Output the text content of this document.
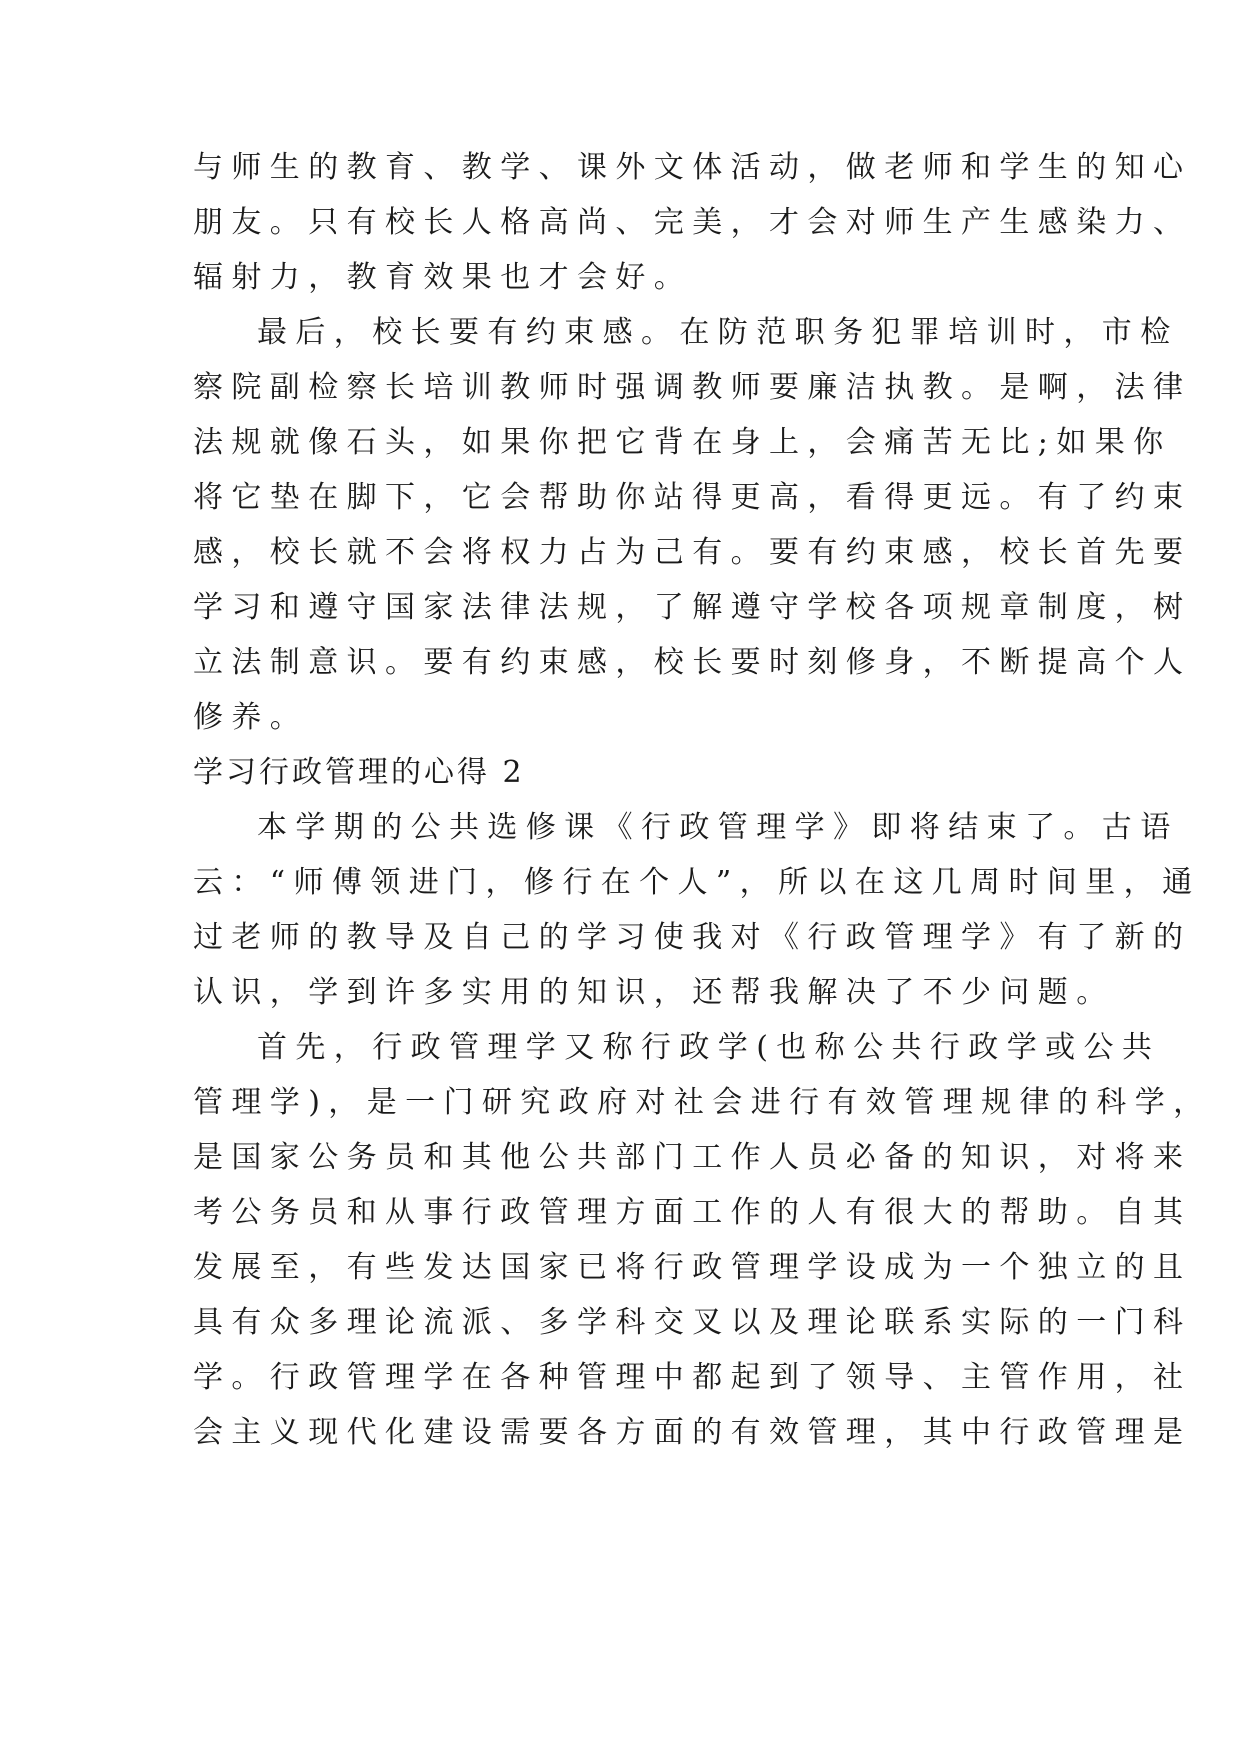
与师生的教育、教学、课外文体活动，做老师和学生的知心
朋友。只有校长人格高尚、完美，才会对师生产生感染力、
辐射力，教育效果也才会好。
最后，校长要有约束感。在防范职务犯罪培训时，市检
察院副检察长培训教师时强调教师要廉洁执教。是啊，法律
法规就像石头，如果你把它背在身上，会痛苦无比;如果你
将它垫在脚下，它会帮助你站得更高，看得更远。有了约束
感，校长就不会将权力占为己有。要有约束感，校长首先要
学习和遵守国家法律法规，了解遵守学校各项规章制度，树
立法制意识。要有约束感，校长要时刻修身，不断提高个人
修养。
学习行政管理的心得 2
本学期的公共选修课《行政管理学》即将结束了。古语
云：“师傅领进门，修行在个人”，所以在这几周时间里，通
过老师的教导及自己的学习使我对《行政管理学》有了新的
认识，学到许多实用的知识，还帮我解决了不少问题。
首先，行政管理学又称行政学(也称公共行政学或公共
管理学)，是一门研究政府对社会进行有效管理规律的科学，
是国家公务员和其他公共部门工作人员必备的知识，对将来
考公务员和从事行政管理方面工作的人有很大的帮助。自其
发展至，有些发达国家已将行政管理学设成为一个独立的且
具有众多理论流派、多学科交叉以及理论联系实际的一门科
学。行政管理学在各种管理中都起到了领导、主管作用，社
会主义现代化建设需要各方面的有效管理，其中行政管理是
